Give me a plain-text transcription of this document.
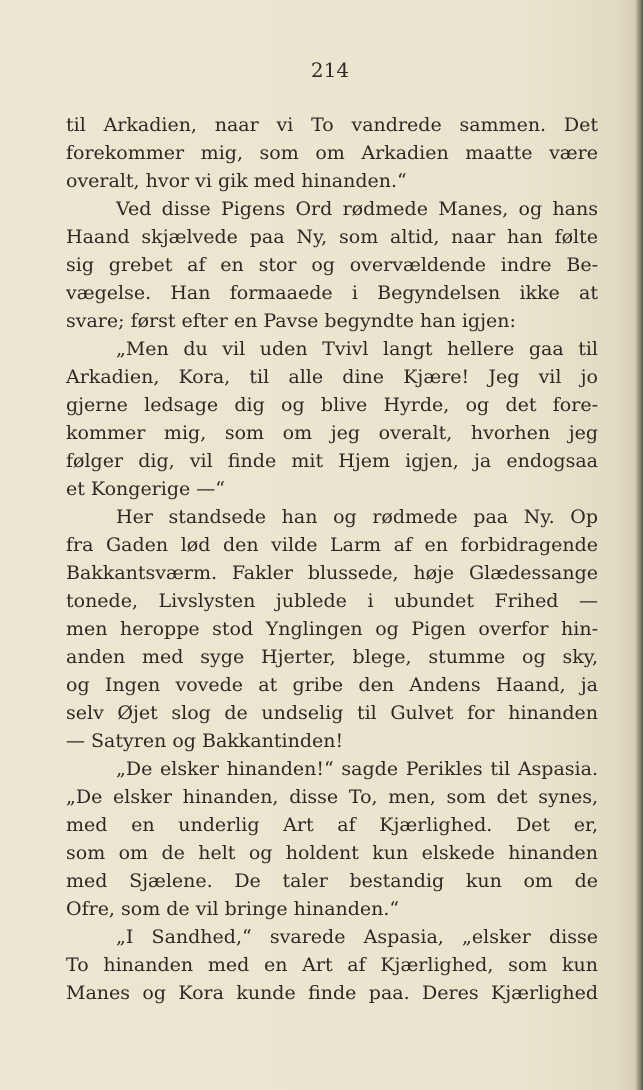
214
til Arkadien, naar vi To vandrede sammen. Det
forekommer mig, som om Arkadien maatte være
overalt, hvor vi gik med hinanden.“
Ved disse Pigens Ord rødmede Manes, og hans
Haand skjælvede paa Ny, som altid, naar han følte
sig grebet af en stor og overvældende indre Be-
vægelse. Han formaaede i Begyndelsen ikke at
svare; først efter en Pavse begyndte han igjen:
„Men du vil uden Tvivl langt hellere gaa til
Arkadien, Kora, til alle dine Kjære! Jeg vil jo
gjerne ledsage dig og blive Hyrde, og det fore-
kommer mig, som om jeg overalt, hvorhen jeg
følger dig, vil finde mit Hjem igjen, ja endogsaa
et Kongerige —“
Her standsede han og rødmede paa Ny. Op
fra Gaden lød den vilde Larm af en forbidragende
Bakkantsværm. Fakler blussede, høje Glædessange
tonede, Livslysten jublede i ubundet Frihed —
men heroppe stod Ynglingen og Pigen overfor hin-
anden med syge Hjerter, blege, stumme og sky,
og Ingen vovede at gribe den Andens Haand, ja
selv Øjet slog de undselig til Gulvet for hinanden
— Satyren og Bakkantinden!
„De elsker hinanden!“ sagde Perikles til Aspasia.
„De elsker hinanden, disse To, men, som det synes,
med en underlig Art af Kjærlighed. Det er,
som om de helt og holdent kun elskede hinanden
med Sjælene. De taler bestandig kun om de
Ofre, som de vil bringe hinanden.“
„I Sandhed,“ svarede Aspasia, „elsker disse
To hinanden med en Art af Kjærlighed, som kun
Manes og Kora kunde finde paa. Deres Kjærlighed
